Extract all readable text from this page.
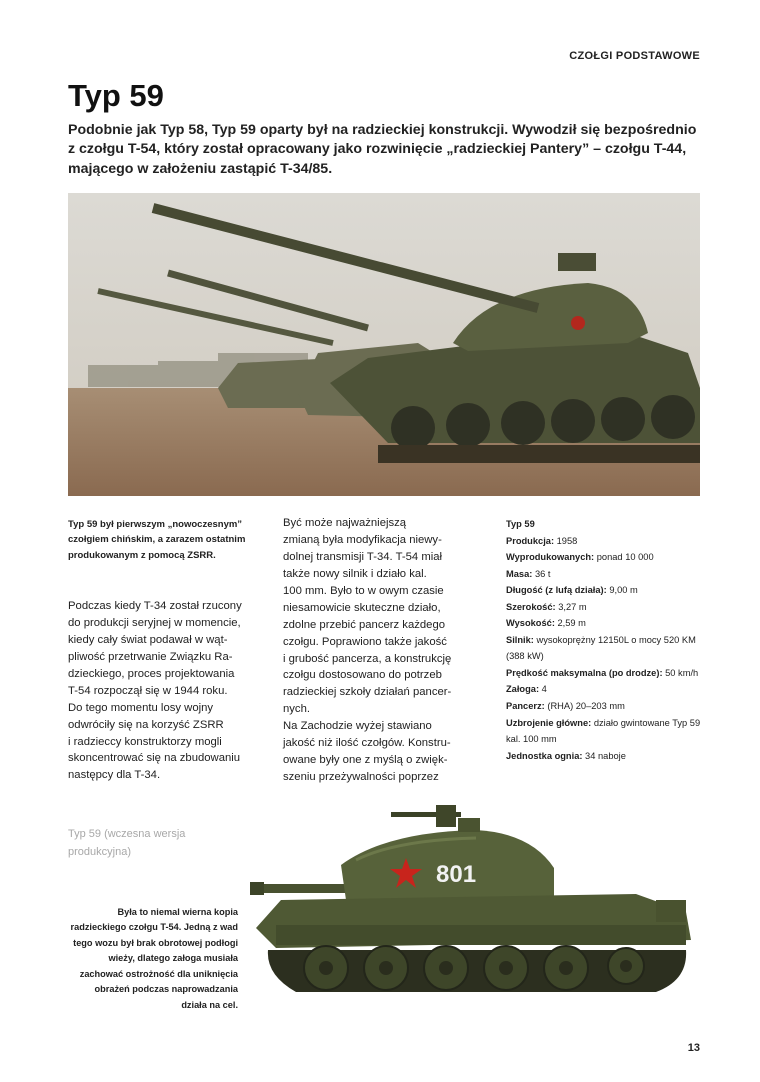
CZOŁGI PODSTAWOWE
Typ 59

Podobnie jak Typ 58, Typ 59 oparty był na radzieckiej konstrukcji. Wywodził się bezpośrednio z czołgu T-54, który został opracowany jako rozwinięcie „radzieckiej Pantery” – czołgu T-44, mającego w założeniu zastąpić T-34/85.

Typ 59 był pierwszym „nowoczesnym” czołgiem chińskim, a zarazem ostatnim produkowanym z pomocą ZSRR.
Podczas kiedy T-34 został rzucony
do produkcji seryjnej w momencie,
kiedy cały świat podawał w wąt-
pliwość przetrwanie Związku Ra-
dzieckiego, proces projektowania
T-54 rozpoczął się w 1944 roku.
Do tego momentu losy wojny
odwróciły się na korzyść ZSRR
i radzieccy konstruktorzy mogli
skoncentrować się na zbudowaniu
następcy dla T-34.
Być może najważniejszą
zmianą była modyfikacja niewy-
dolnej transmisji T-34. T-54 miał
także nowy silnik i działo kal.
100 mm. Było to w owym czasie
niesamowicie skuteczne działo,
zdolne przebić pancerz każdego
czołgu. Poprawiono także jakość
i grubość pancerza, a konstrukcję
czołgu dostosowano do potrzeb
radzieckiej szkoły działań pancer-
nych.
Na Zachodzie wyżej stawiano
jakość niż ilość czołgów. Konstru-
owane były one z myślą o zwięk-
szeniu przeżywalności poprzez
Typ 59
Produkcja: 1958
Wyprodukowanych: ponad 10 000
Masa: 36 t
Długość (z lufą działa): 9,00 m
Szerokość: 3,27 m
Wysokość: 2,59 m
Silnik: wysokoprężny 12150L o mocy 520 KM (388 kW)
Prędkość maksymalna (po drodze): 50 km/h
Załoga: 4
Pancerz: (RHA) 20–203 mm
Uzbrojenie główne: działo gwintowane Typ 59 kal. 100 mm
Jednostka ognia: 34 naboje
Typ 59 (wczesna wersja produkcyjna)
Była to niemal wierna kopia radzieckiego czołgu T-54. Jedną z wad tego wozu był brak obrotowej podłogi wieży, dlatego załoga musiała zachować ostrożność dla uniknięcia obrażeń podczas naprowadzania działa na cel.
801
13
